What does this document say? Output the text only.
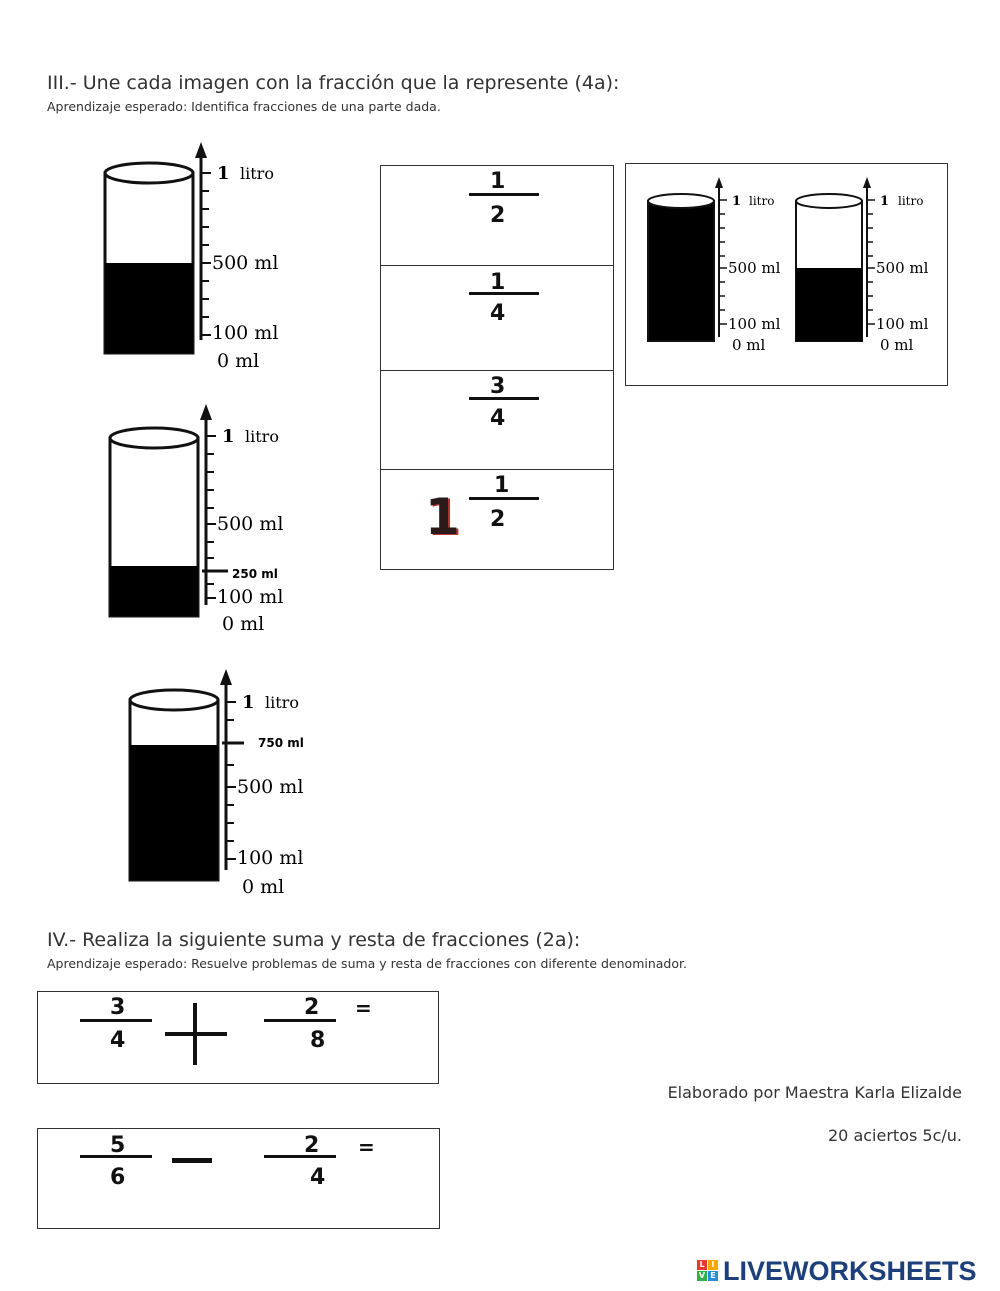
III.- Une cada imagen con la fracción que la represente (4a):
Aprendizaje esperado: Identifica fracciones de una parte dada.
1 litro
500 ml
100 ml
0 ml
1 litro
500 ml
250 ml
100 ml
0 ml
1 litro
750 ml
500 ml
100 ml
0 ml
1
2
1
4
3
4
1
1
2
1 litro
500 ml
100 ml
0 ml
1 litro
500 ml
100 ml
0 ml
IV.- Realiza la siguiente suma y resta de fracciones (2a):
Aprendizaje esperado: Resuelve problemas de suma y resta de fracciones con diferente denominador.
3
4
2
8
=
5
6
2
4
=
Elaborado por Maestra Karla Elizalde
20 aciertos 5c/u.
L I
V E LIVEWORKSHEETS
